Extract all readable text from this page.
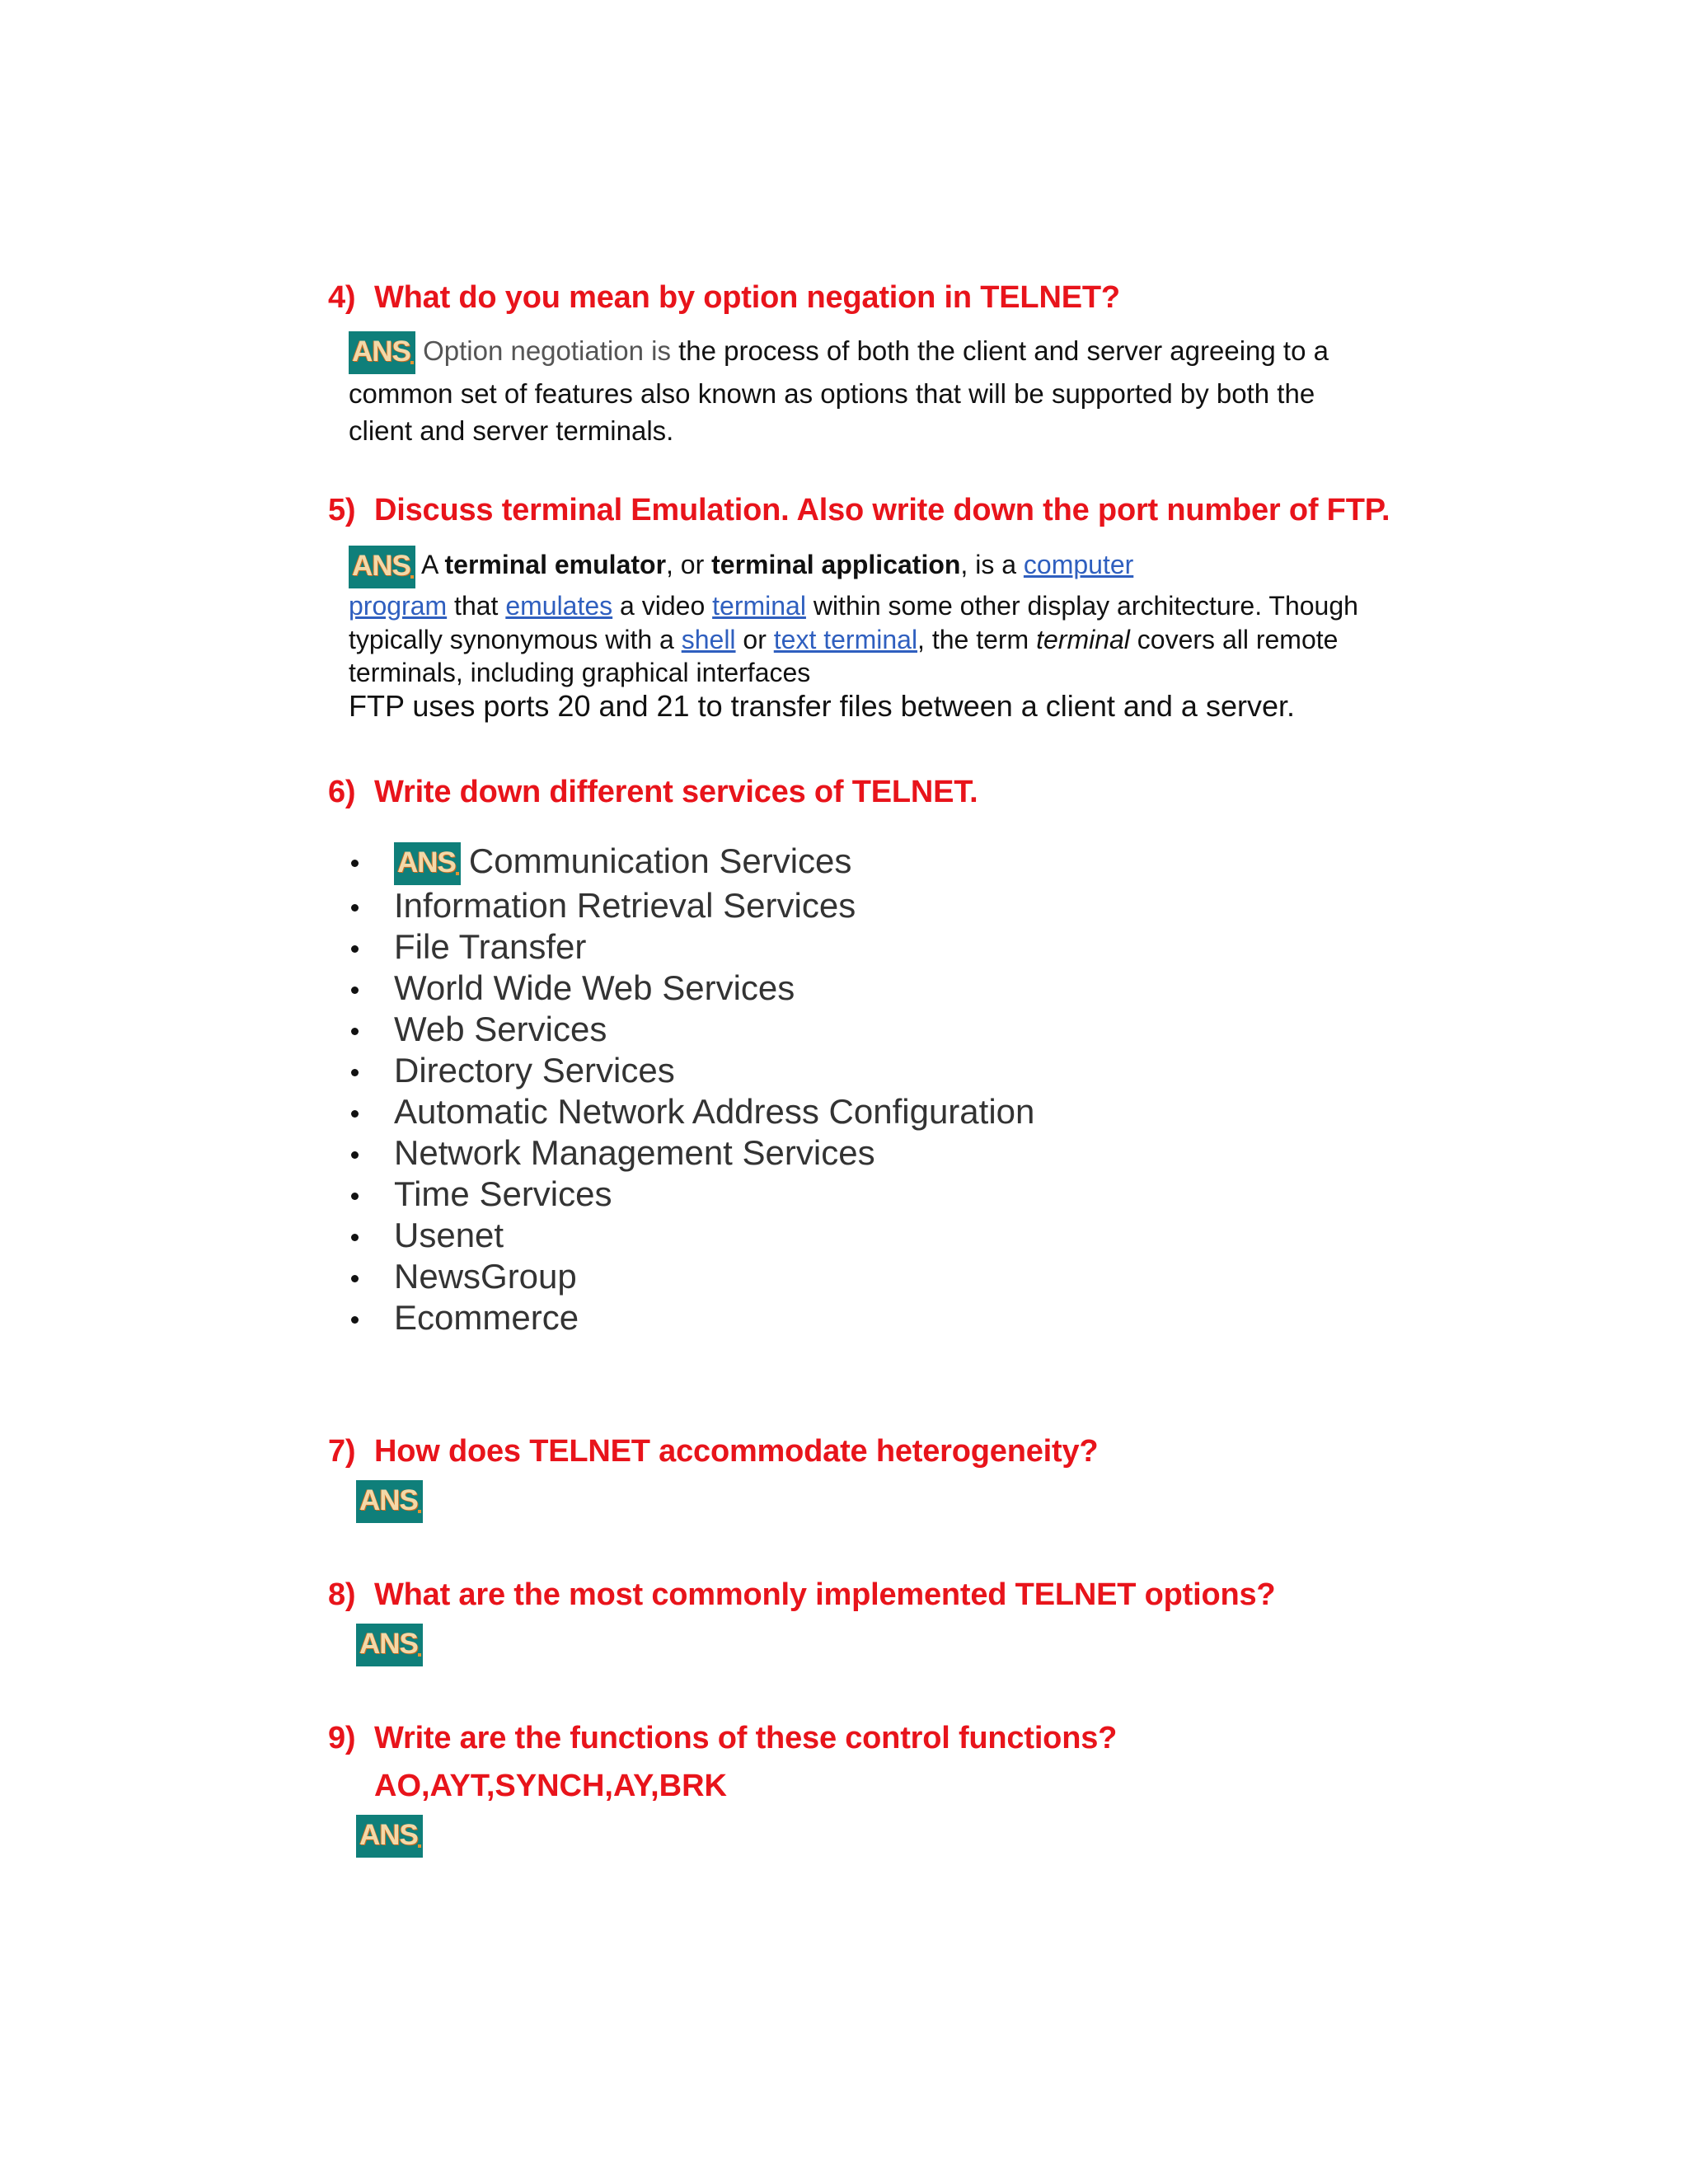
4) What do you mean by option negation in TELNET?
ANS Option negotiation is the process of both the client and server agreeing to a
common set of features also known as options that will be supported by both the
client and server terminals.
5) Discuss terminal Emulation. Also write down the port number of FTP.
ANS A terminal emulator, or terminal application, is a computer
program that emulates a video terminal within some other display architecture. Though
typically synonymous with a shell or text terminal, the term terminal covers all remote
terminals, including graphical interfaces
FTP uses ports 20 and 21 to transfer files between a client and a server.
6) Write down different services of TELNET.
ANS Communication Services
Information Retrieval Services
File Transfer
World Wide Web Services
Web Services
Directory Services
Automatic Network Address Configuration
Network Management Services
Time Services
Usenet
NewsGroup
Ecommerce
7) How does TELNET accommodate heterogeneity?
ANS
8) What are the most commonly implemented TELNET options?
ANS
9) Write are the functions of these control functions?
AO,AYT,SYNCH,AY,BRK
ANS
